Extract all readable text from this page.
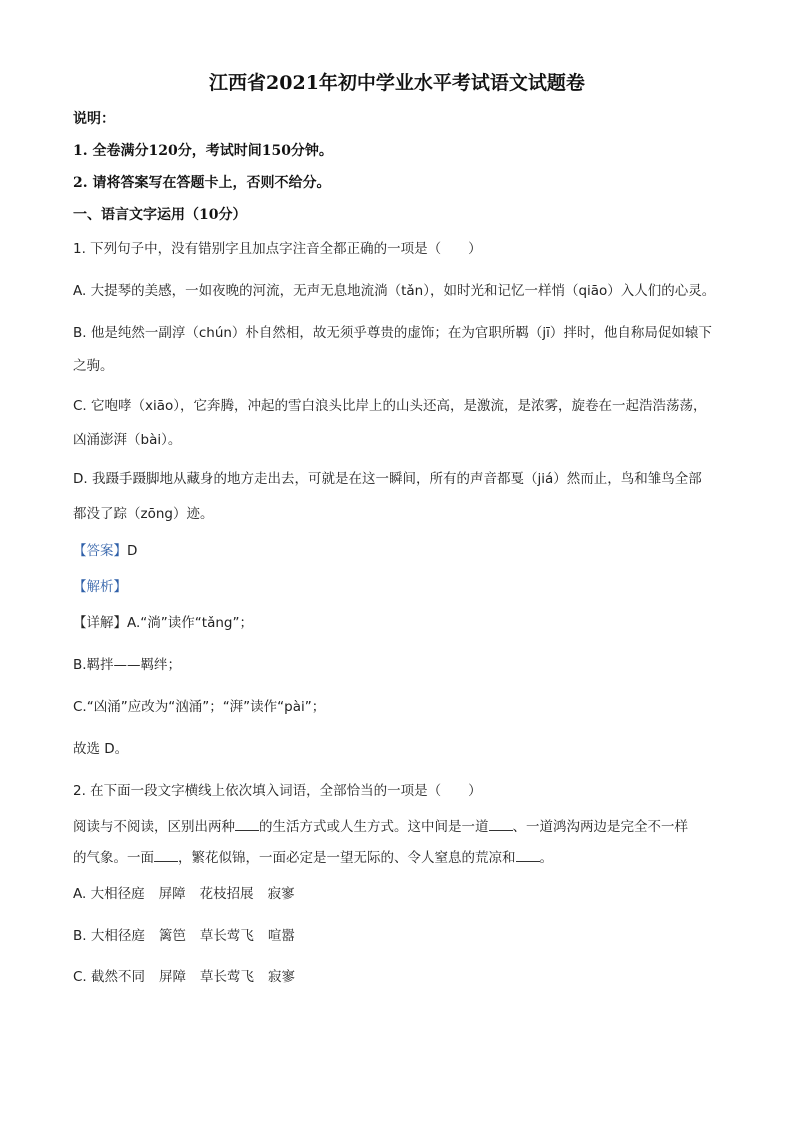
江西省2021年初中学业水平考试语文试题卷
说明：
1. 全卷满分120分，考试时间150分钟。
2. 请将答案写在答题卡上，否则不给分。
一、语言文字运用（10分）
1. 下列句子中，没有错别字且加点字注音全都正确的一项是（　　）
A. 大提琴的美感，一如夜晚的河流，无声无息地流淌（tǎn），如时光和记忆一样悄（qiāo）入人们的心灵。
B. 他是纯然一副淳（chún）朴自然相，故无须乎尊贵的虚饰；在为官职所羁（jī）拌时，他自称局促如辕下
之驹。
C. 它咆哮（xiāo），它奔腾，冲起的雪白浪头比岸上的山头还高，是激流，是浓雾，旋卷在一起浩浩荡荡，
凶涌澎湃（bài）。
D. 我蹑手蹑脚地从藏身的地方走出去，可就是在这一瞬间，所有的声音都戛（jiá）然而止，鸟和雏鸟全部
都没了踪（zōng）迹。
【答案】D
【解析】
【详解】A.“淌”读作“tǎng”；
B.羁拌——羁绊；
C.“凶涌”应改为“汹涌”；“湃”读作“pài”；
故选 D。
2. 在下面一段文字横线上依次填入词语，全部恰当的一项是（　　）
阅读与不阅读，区别出两种 的生活方式或人生方式。这中间是一道 、一道鸿沟两边是完全不一样
的气象。一面 ，繁花似锦，一面必定是一望无际的、令人窒息的荒凉和 。
A. 大相径庭 屏障 花枝招展 寂寥
B. 大相径庭 篱笆 草长莺飞 喧嚣
C. 截然不同 屏障 草长莺飞 寂寥
